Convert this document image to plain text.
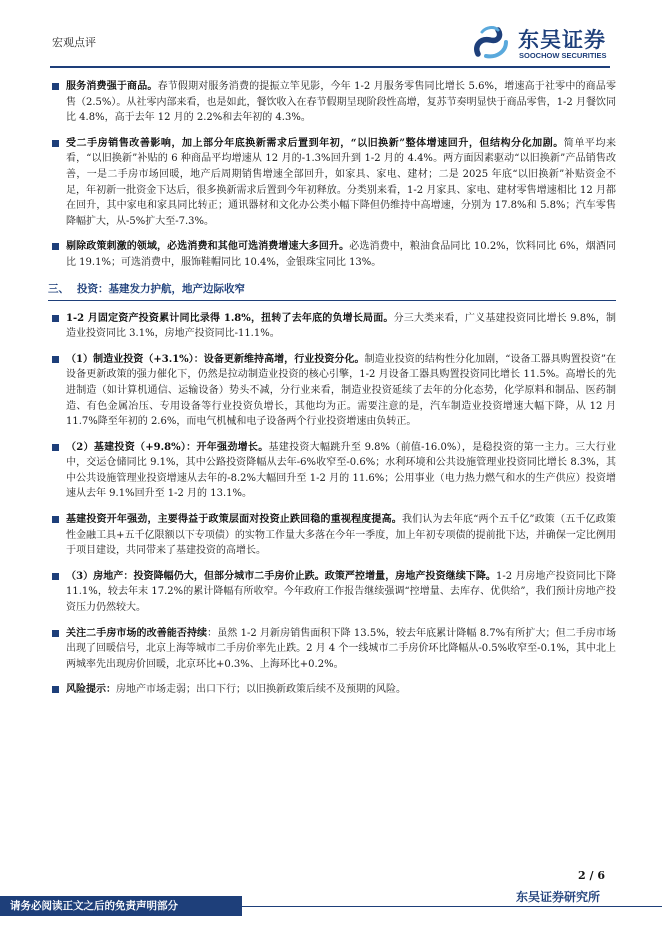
宏观点评	东吴证券
SOOCHOW SECURITIES
服务消费强于商品。春节假期对服务消费的提振立竿见影，今年 1-2 月服务零售同比增长 5.6%，增速高于社零中的商品零售（2.5%）。从社零内部来看，也是如此，餐饮收入在春节假期呈现阶段性高增，复苏节奏明显快于商品零售，1-2 月餐饮同比 4.8%，高于去年 12 月的 2.2%和去年初的 4.3%。
受二手房销售改善影响，加上部分年底换新需求后置到年初，“以旧换新”整体增速回升，但结构分化加剧。简单平均来看，“以旧换新”补贴的 6 种商品平均增速从 12 月的-1.3%回升到 1-2 月的 4.4%。两方面因素驱动“以旧换新”产品销售改善，一是二手房市场回暖，地产后周期销售增速全部回升，如家具、家电、建材；二是 2025 年底“以旧换新”补贴资金不足，年初新一批资金下达后，很多换新需求后置到今年初释放。分类别来看，1-2 月家具、家电、建材零售增速相比 12 月都在回升，其中家电和家具同比转正；通讯器材和文化办公类小幅下降但仍维持中高增速，分别为 17.8%和 5.8%；汽车零售降幅扩大，从-5%扩大至-7.3%。
剔除政策刺激的领域，必选消费和其他可选消费增速大多回升。必选消费中，粮油食品同比 10.2%，饮料同比 6%，烟酒同比 19.1%；可选消费中，服饰鞋帽同比 10.4%，金银珠宝同比 13%。
三、 投资：基建发力护航，地产边际收窄
1-2 月固定资产投资累计同比录得 1.8%，扭转了去年底的负增长局面。分三大类来看，广义基建投资同比增长 9.8%，制造业投资同比 3.1%，房地产投资同比-11.1%。
（1）制造业投资（+3.1%）：设备更新维持高增，行业投资分化。制造业投资的结构性分化加剧，“设备工器具购置投资”在设备更新政策的强力催化下，仍然是拉动制造业投资的核心引擎，1-2 月设备工器具购置投资同比增长 11.5%。高增长的先进制造（如计算机通信、运输设备）势头不减，分行业来看，制造业投资延续了去年的分化态势，化学原料和制品、医药制造、有色金属冶压、专用设备等行业投资负增长，其他均为正。需要注意的是，汽车制造业投资增速大幅下降，从 12 月 11.7%降至年初的 2.6%，而电气机械和电子设备两个行业投资增速由负转正。
（2）基建投资（+9.8%）：开年强劲增长。基建投资大幅跳升至 9.8%（前值-16.0%），是稳投资的第一主力。三大行业中，交运仓储同比 9.1%，其中公路投资降幅从去年-6%收窄至-0.6%；水利环境和公共设施管理业投资同比增长 8.3%，其中公共设施管理业投资增速从去年的-8.2%大幅回升至 1-2 月的 11.6%；公用事业（电力热力燃气和水的生产供应）投资增速从去年 9.1%回升至 1-2 月的 13.1%。
基建投资开年强劲，主要得益于政策层面对投资止跌回稳的重视程度提高。我们认为去年底“两个五千亿”政策（五千亿政策性金融工具+五千亿限额以下专项债）的实物工作量大多落在今年一季度，加上年初专项债的提前批下达，并确保一定比例用于项目建设，共同带来了基建投资的高增长。
（3）房地产：投资降幅仍大，但部分城市二手房价止跌。政策严控增量，房地产投资继续下降。1-2 月房地产投资同比下降 11.1%，较去年末 17.2%的累计降幅有所收窄。今年政府工作报告继续强调“控增量、去库存、优供给”，我们预计房地产投资压力仍然较大。
关注二手房市场的改善能否持续：虽然 1-2 月新房销售面积下降 13.5%，较去年底累计降幅 8.7%有所扩大；但二手房市场出现了回暖信号，北京上海等城市二手房价率先止跌。2 月 4 个一线城市二手房价环比降幅从-0.5%收窄至-0.1%，其中北上两城率先出现房价回暖，北京环比+0.3%、上海环比+0.2%。
风险提示：房地产市场走弱；出口下行；以旧换新政策后续不及预期的风险。
2 / 6
东吴证券研究所
请务必阅读正文之后的免责声明部分
